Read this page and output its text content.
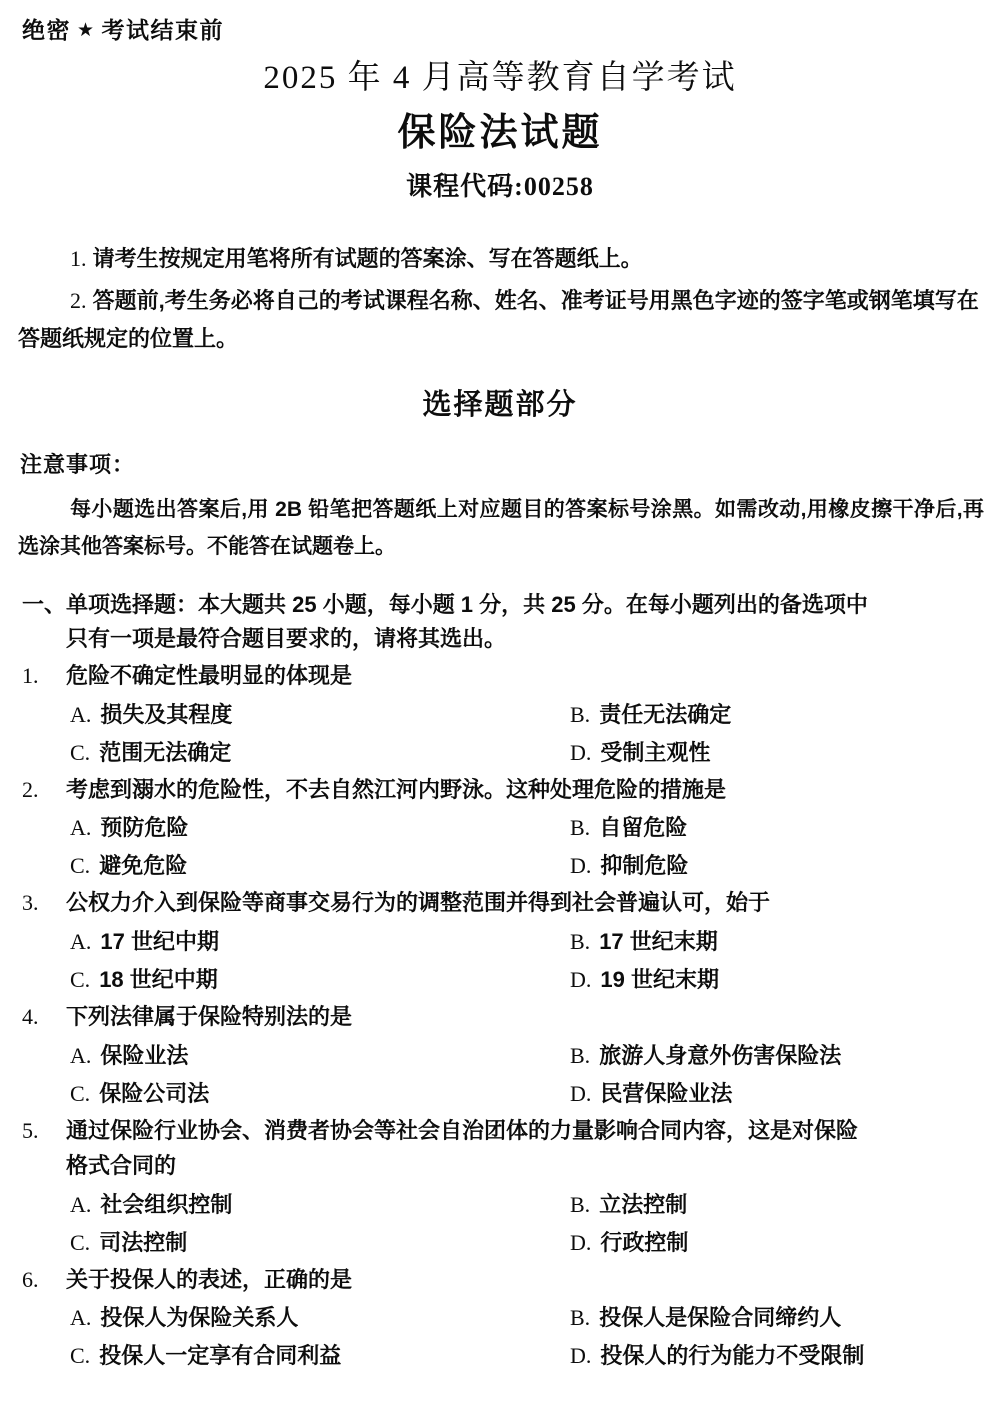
绝密 ★ 考试结束前
2025 年 4 月高等教育自学考试
保险法试题
课程代码:00258

1. 请考生按规定用笔将所有试题的答案涂、写在答题纸上。

2. 答题前,考生务必将自己的考试课程名称、姓名、准考证号用黑色字迹的签字笔或钢笔填写在答题纸规定的位置上。

选择题部分
注意事项：
每小题选出答案后,用 2B 铅笔把答题纸上对应题目的答案标号涂黑。如需改动,用橡皮擦干净后,再选涂其他答案标号。不能答在试题卷上。
一、单项选择题：本大题共 25 小题，每小题 1 分，共 25 分。在每小题列出的备选项中
只有一项是最符合题目要求的，请将其选出。
1.	危险不确定性最明显的体现是
A. 损失及其程度	B. 责任无法确定
C. 范围无法确定	D. 受制主观性
2.	考虑到溺水的危险性，不去自然江河内野泳。这种处理危险的措施是
A. 预防危险	B. 自留危险
C. 避免危险	D. 抑制危险
3.	公权力介入到保险等商事交易行为的调整范围并得到社会普遍认可，始于
A. 17 世纪中期	B. 17 世纪末期
C. 18 世纪中期	D. 19 世纪末期
4.	下列法律属于保险特别法的是
A. 保险业法	B. 旅游人身意外伤害保险法
C. 保险公司法	D. 民营保险业法
5.	通过保险行业协会、消费者协会等社会自治团体的力量影响合同内容，这是对保险
格式合同的
A. 社会组织控制	B. 立法控制
C. 司法控制	D. 行政控制
6.	关于投保人的表述，正确的是
A. 投保人为保险关系人	B. 投保人是保险合同缔约人
C. 投保人一定享有合同利益	D. 投保人的行为能力不受限制
